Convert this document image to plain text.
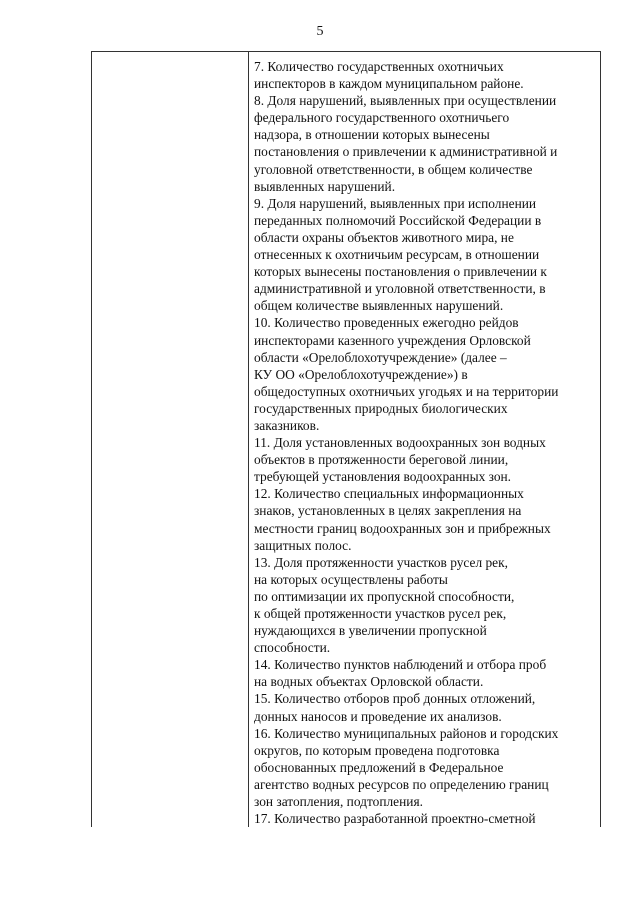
5
7. Количество государственных охотничьих
инспекторов в каждом муниципальном районе.
8. Доля нарушений, выявленных при осуществлении
федерального государственного охотничьего
надзора, в отношении которых вынесены
постановления о привлечении к административной и
уголовной ответственности, в общем количестве
выявленных нарушений.
9. Доля нарушений, выявленных при исполнении
переданных полномочий Российской Федерации в
области охраны объектов животного мира, не
отнесенных к охотничьим ресурсам, в отношении
которых вынесены постановления о привлечении к
административной и уголовной ответственности, в
общем количестве выявленных нарушений.
10. Количество проведенных ежегодно рейдов
инспекторами казенного учреждения Орловской
области «Орелоблохотучреждение» (далее –
КУ ОО «Орелоблохотучреждение») в
общедоступных охотничьих угодьях и на территории
государственных природных биологических
заказников.
11. Доля установленных водоохранных зон водных
объектов в протяженности береговой линии,
требующей установления водоохранных зон.
12. Количество специальных информационных
знаков, установленных в целях закрепления на
местности границ водоохранных зон и прибрежных
защитных полос.
13. Доля протяженности участков русел рек,
на которых осуществлены работы
по оптимизации их пропускной способности,
к общей протяженности участков русел рек,
нуждающихся в увеличении пропускной
способности.
14. Количество пунктов наблюдений и отбора проб
на водных объектах Орловской области.
15. Количество отборов проб донных отложений,
донных наносов и проведение их анализов.
16. Количество муниципальных районов и городских
округов, по которым проведена подготовка
обоснованных предложений в Федеральное
агентство водных ресурсов по определению границ
зон затопления, подтопления.
17. Количество разработанной проектно-сметной
